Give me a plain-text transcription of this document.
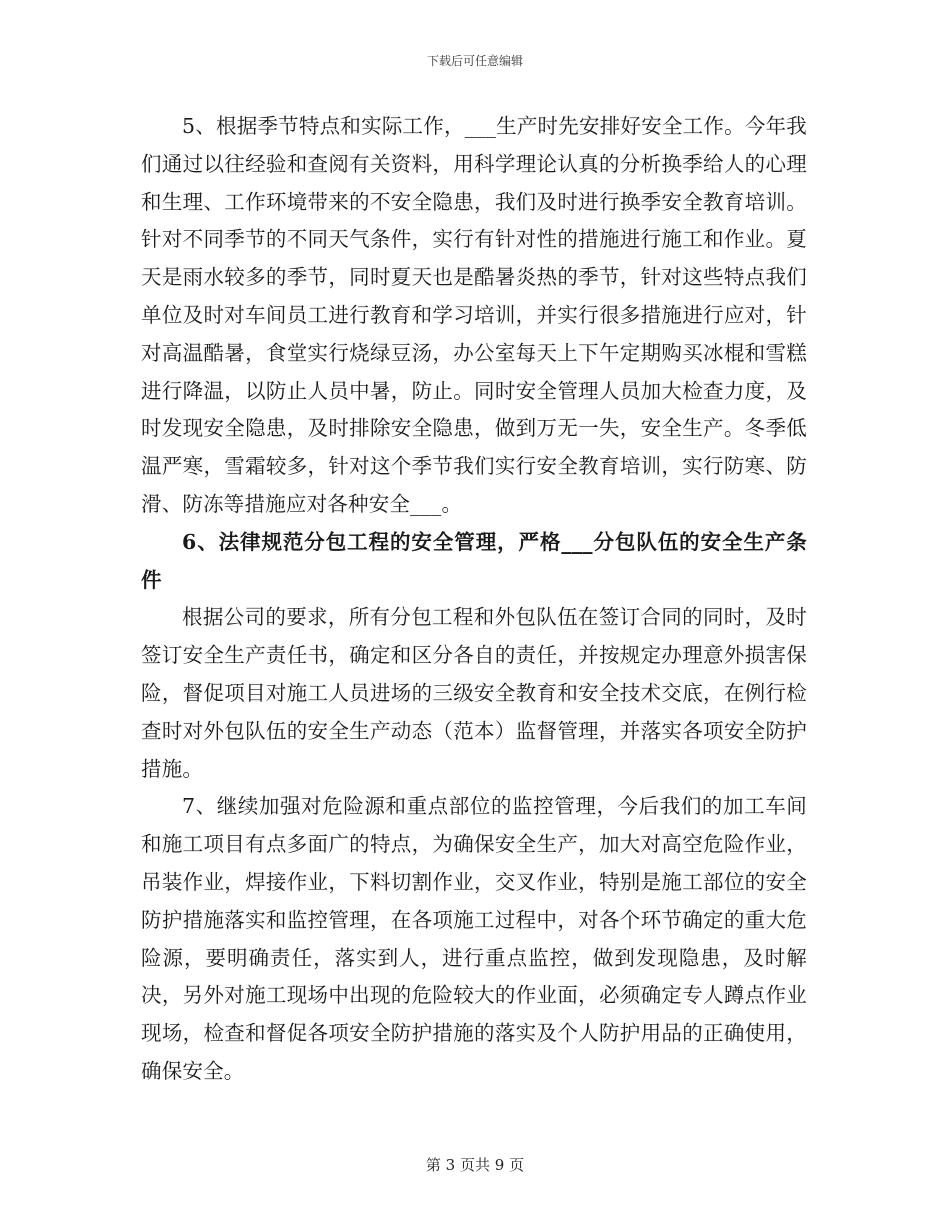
下载后可任意编辑

5、根据季节特点和实际工作，___生产时先安排好安全工作。今年我们通过以往经验和查阅有关资料，用科学理论认真的分析换季给人的心理和生理、工作环境带来的不安全隐患，我们及时进行换季安全教育培训。针对不同季节的不同天气条件，实行有针对性的措施进行施工和作业。夏天是雨水较多的季节，同时夏天也是酷暑炎热的季节，针对这些特点我们单位及时对车间员工进行教育和学习培训，并实行很多措施进行应对，针对高温酷暑，食堂实行烧绿豆汤，办公室每天上下午定期购买冰棍和雪糕进行降温，以防止人员中暑，防止。同时安全管理人员加大检查力度，及时发现安全隐患，及时排除安全隐患，做到万无一失，安全生产。冬季低温严寒，雪霜较多，针对这个季节我们实行安全教育培训，实行防寒、防滑、防冻等措施应对各种安全___。

6、法律规范分包工程的安全管理，严格___分包队伍的安全生产条件

根据公司的要求，所有分包工程和外包队伍在签订合同的同时，及时签订安全生产责任书，确定和区分各自的责任，并按规定办理意外损害保险，督促项目对施工人员进场的三级安全教育和安全技术交底，在例行检查时对外包队伍的安全生产动态（范本）监督管理，并落实各项安全防护措施。

7、继续加强对危险源和重点部位的监控管理，今后我们的加工车间和施工项目有点多面广的特点，为确保安全生产，加大对高空危险作业，吊装作业，焊接作业，下料切割作业，交叉作业，特别是施工部位的安全防护措施落实和监控管理，在各项施工过程中，对各个环节确定的重大危险源，要明确责任，落实到人，进行重点监控，做到发现隐患，及时解决，另外对施工现场中出现的危险较大的作业面，必须确定专人蹲点作业现场，检查和督促各项安全防护措施的落实及个人防护用品的正确使用，确保安全。

第 3 页共 9 页
